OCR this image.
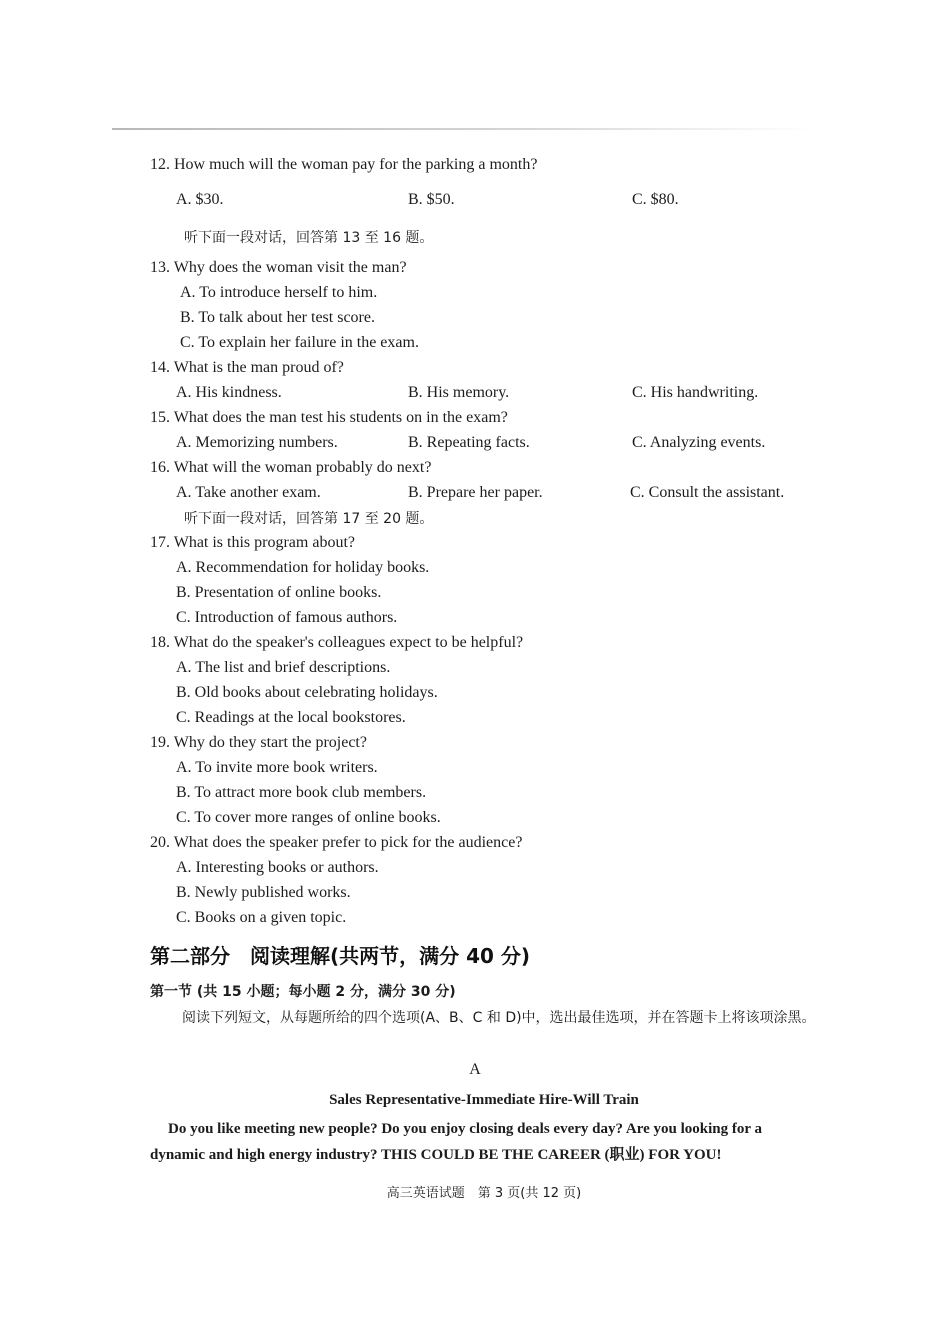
12. How much will the woman pay for the parking a month?
A. $30.	B. $50.	C. $80.
听下面一段对话，回答第 13 至 16 题。
13. Why does the woman visit the man?
A. To introduce herself to him.
B. To talk about her test score.
C. To explain her failure in the exam.
14. What is the man proud of?
A. His kindness.	B. His memory.	C. His handwriting.
15. What does the man test his students on in the exam?
A. Memorizing numbers.	B. Repeating facts.	C. Analyzing events.
16. What will the woman probably do next?
A. Take another exam.	B. Prepare her paper.	C. Consult the assistant.
听下面一段对话，回答第 17 至 20 题。
17. What is this program about?
A. Recommendation for holiday books.
B. Presentation of online books.
C. Introduction of famous authors.
18. What do the speaker's colleagues expect to be helpful?
A. The list and brief descriptions.
B. Old books about celebrating holidays.
C. Readings at the local bookstores.
19. Why do they start the project?
A. To invite more book writers.
B. To attract more book club members.
C. To cover more ranges of online books.
20. What does the speaker prefer to pick for the audience?
A. Interesting books or authors.
B. Newly published works.
C. Books on a given topic.
第二部分　阅读理解(共两节，满分 40 分)
第一节 (共 15 小题；每小题 2 分，满分 30 分)
阅读下列短文，从每题所给的四个选项(A、B、C 和 D)中，选出最佳选项，并在答题卡上将该项涂黑。
A
Sales Representative-Immediate Hire-Will Train
Do you like meeting new people? Do you enjoy closing deals every day? Are you looking for a dynamic and high energy industry? THIS COULD BE THE CAREER (职业) FOR YOU!
高三英语试题　第 3 页(共 12 页)
